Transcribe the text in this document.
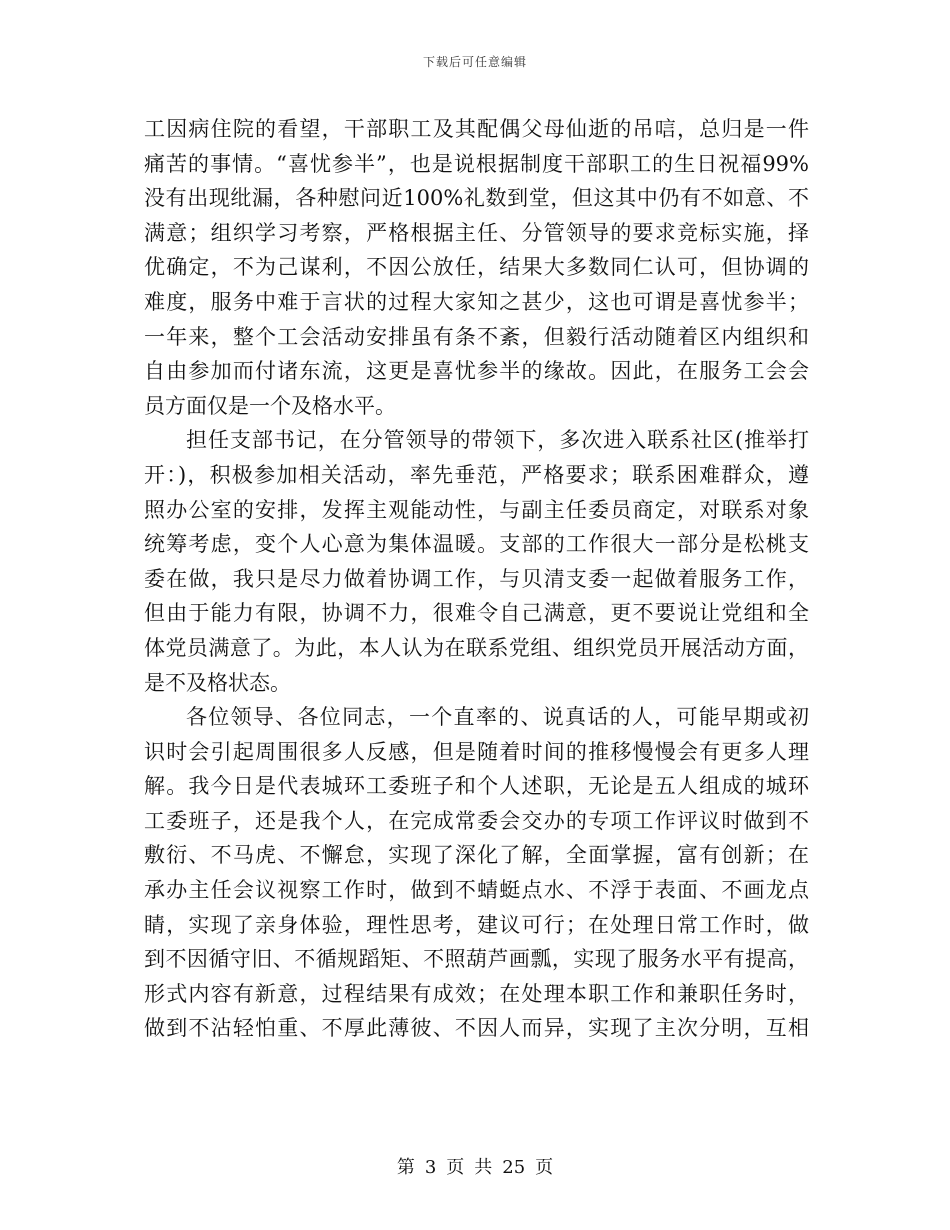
下载后可任意编辑
工因病住院的看望，干部职工及其配偶父母仙逝的吊唁，总归是一件
痛苦的事情。“喜忧参半”，也是说根据制度干部职工的生日祝福99%
没有出现纰漏，各种慰问近100%礼数到堂，但这其中仍有不如意、不
满意；组织学习考察，严格根据主任、分管领导的要求竞标实施，择
优确定，不为己谋利，不因公放任，结果大多数同仁认可，但协调的
难度，服务中难于言状的过程大家知之甚少，这也可谓是喜忧参半；
一年来，整个工会活动安排虽有条不紊，但毅行活动随着区内组织和
自由参加而付诸东流，这更是喜忧参半的缘故。因此，在服务工会会
员方面仅是一个及格水平。
担任支部书记，在分管领导的带领下，多次进入联系社区(推举打
开：)，积极参加相关活动，率先垂范，严格要求；联系困难群众，遵
照办公室的安排，发挥主观能动性，与副主任委员商定，对联系对象
统筹考虑，变个人心意为集体温暖。支部的工作很大一部分是松桃支
委在做，我只是尽力做着协调工作，与贝清支委一起做着服务工作，
但由于能力有限，协调不力，很难令自己满意，更不要说让党组和全
体党员满意了。为此，本人认为在联系党组、组织党员开展活动方面，
是不及格状态。
各位领导、各位同志，一个直率的、说真话的人，可能早期或初
识时会引起周围很多人反感，但是随着时间的推移慢慢会有更多人理
解。我今日是代表城环工委班子和个人述职，无论是五人组成的城环
工委班子，还是我个人，在完成常委会交办的专项工作评议时做到不
敷衍、不马虎、不懈怠，实现了深化了解，全面掌握，富有创新；在
承办主任会议视察工作时，做到不蜻蜓点水、不浮于表面、不画龙点
睛，实现了亲身体验，理性思考，建议可行；在处理日常工作时，做
到不因循守旧、不循规蹈矩、不照葫芦画瓢，实现了服务水平有提高，
形式内容有新意，过程结果有成效；在处理本职工作和兼职任务时，
做到不沾轻怕重、不厚此薄彼、不因人而异，实现了主次分明，互相
第 3 页 共 25 页
